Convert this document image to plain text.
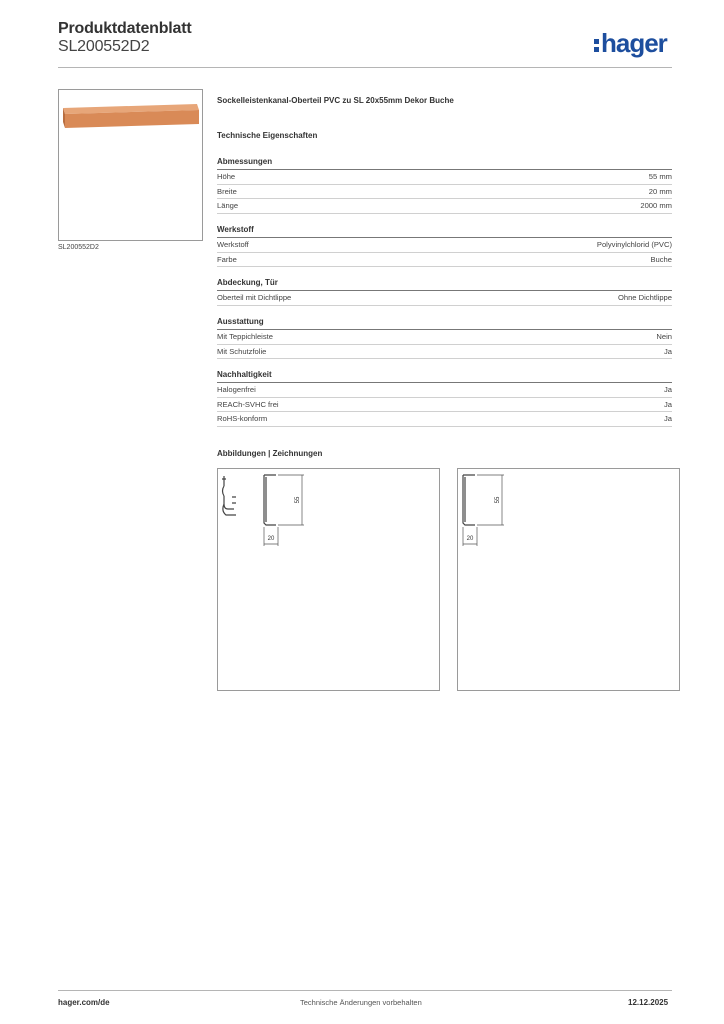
Produktdatenblatt
SL200552D2	hager
SL200552D2
Sockelleistenkanal-Oberteil PVC zu SL 20x55mm Dekor Buche
Technische Eigenschaften
Abmessungen
Höhe	55 mm
Breite	20 mm
Länge	2000 mm
Werkstoff
Werkstoff	Polyvinylchlorid (PVC)
Farbe	Buche
Abdeckung, Tür
Oberteil mit Dichtlippe	Ohne Dichtlippe
Ausstattung
Mit Teppichleiste	Nein
Mit Schutzfolie	Ja
Nachhaltigkeit
Halogenfrei	Ja
REACh-SVHC frei	Ja
RoHS-konform	Ja
Abbildungen | Zeichnungen
55
20
55
20
hager.com/de	Technische Änderungen vorbehalten	12.12.2025
